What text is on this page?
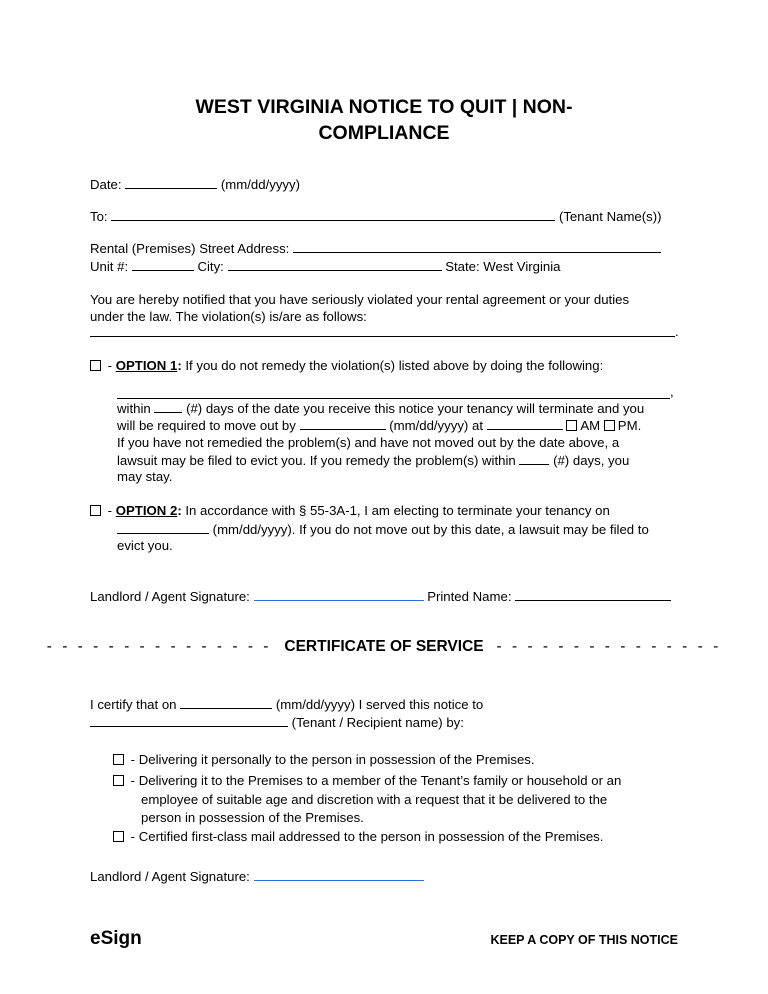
WEST VIRGINIA NOTICE TO QUIT | NON-
COMPLIANCE
Date:	(mm/dd/yyyy)
To:	(Tenant Name(s))
Rental (Premises) Street Address:
Unit #:	City:	State: West Virginia
You are hereby notified that you have seriously violated your rental agreement or your duties
under the law. The violation(s) is/are as follows:
.
- OPTION 1: If you do not remedy the violation(s) listed above by doing the following:
,
within	(#) days of the date you receive this notice your tenancy will terminate and you
will be required to move out by	(mm/dd/yyyy) at	AM PM.
If you have not remedied the problem(s) and have not moved out by the date above, a
lawsuit may be filed to evict you. If you remedy the problem(s) within	(#) days, you
may stay.
- OPTION 2: In accordance with § 55-3A-1, I am electing to terminate your tenancy on
(mm/dd/yyyy). If you do not move out by this date, a lawsuit may be filed to
evict you.
Landlord / Agent Signature:	Printed Name:
- - - - - - - - - - - - - - - CERTIFICATE OF SERVICE - - - - - - - - - - - - - - -
I certify that on	(mm/dd/yyyy) I served this notice to
(Tenant / Recipient name) by:
- Delivering it personally to the person in possession of the Premises.
- Delivering it to the Premises to a member of the Tenant’s family or household or an
employee of suitable age and discretion with a request that it be delivered to the
person in possession of the Premises.
- Certified first-class mail addressed to the person in possession of the Premises.
Landlord / Agent Signature:
eSign	KEEP A COPY OF THIS NOTICE
